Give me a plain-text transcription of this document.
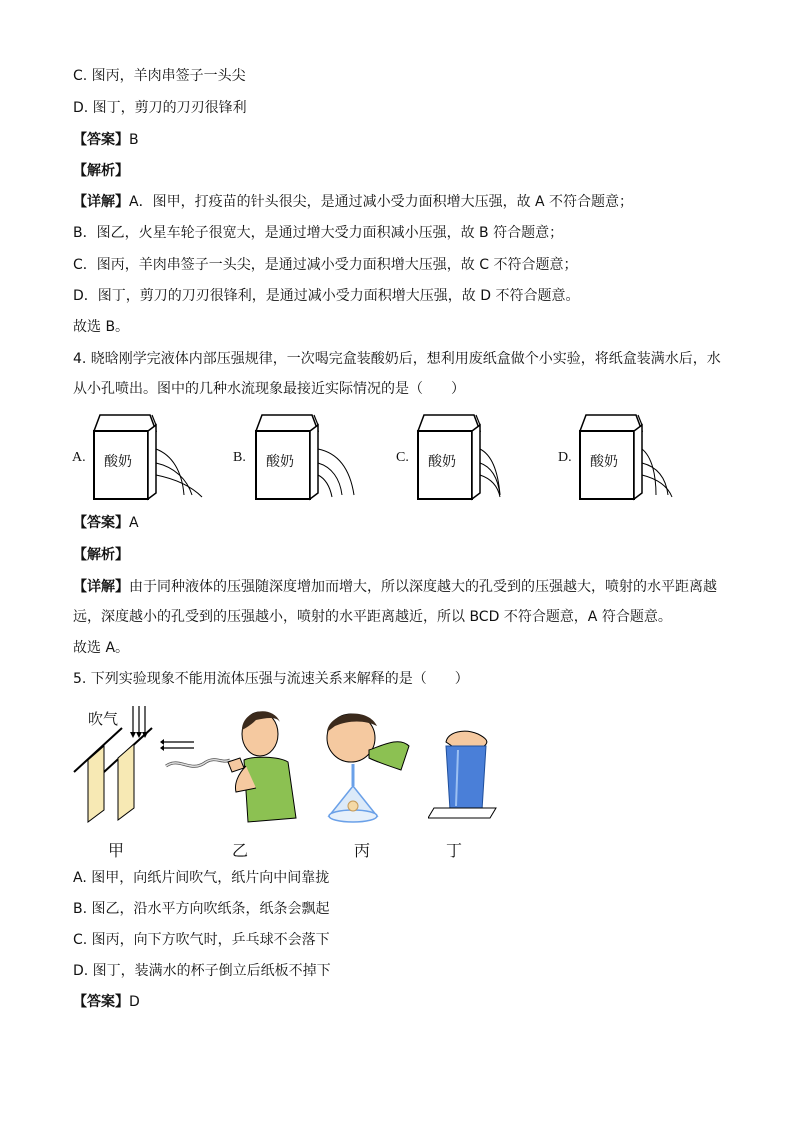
C. 图丙，羊肉串签子一头尖
D. 图丁，剪刀的刀刃很锋利
【答案】B
【解析】
【详解】A．图甲，打疫苗的针头很尖，是通过减小受力面积增大压强，故 A 不符合题意；
B．图乙，火星车轮子很宽大，是通过增大受力面积减小压强，故 B 符合题意；
C．图丙，羊肉串签子一头尖，是通过减小受力面积增大压强，故 C 不符合题意；
D．图丁，剪刀的刀刃很锋利，是通过减小受力面积增大压强，故 D 不符合题意。
故选 B。
4. 晓晗刚学完液体内部压强规律，一次喝完盒装酸奶后，想利用废纸盒做个小实验，将纸盒装满水后，水
从小孔喷出。图中的几种水流现象最接近实际情况的是（　　）
A.	B.	C.	D.
酸奶	酸奶	酸奶	酸奶
【答案】A
【解析】
【详解】由于同种液体的压强随深度增加而增大，所以深度越大的孔受到的压强越大，喷射的水平距离越
远，深度越小的孔受到的压强越小，喷射的水平距离越近，所以 BCD 不符合题意，A 符合题意。
故选 A。
5. 下列实验现象不能用流体压强与流速关系来解释的是（　　）
吹气
甲	乙	丙	丁
A. 图甲，向纸片间吹气，纸片向中间靠拢
B. 图乙，沿水平方向吹纸条，纸条会飘起
C. 图丙，向下方吹气时，乒乓球不会落下
D. 图丁，装满水的杯子倒立后纸板不掉下
【答案】D
